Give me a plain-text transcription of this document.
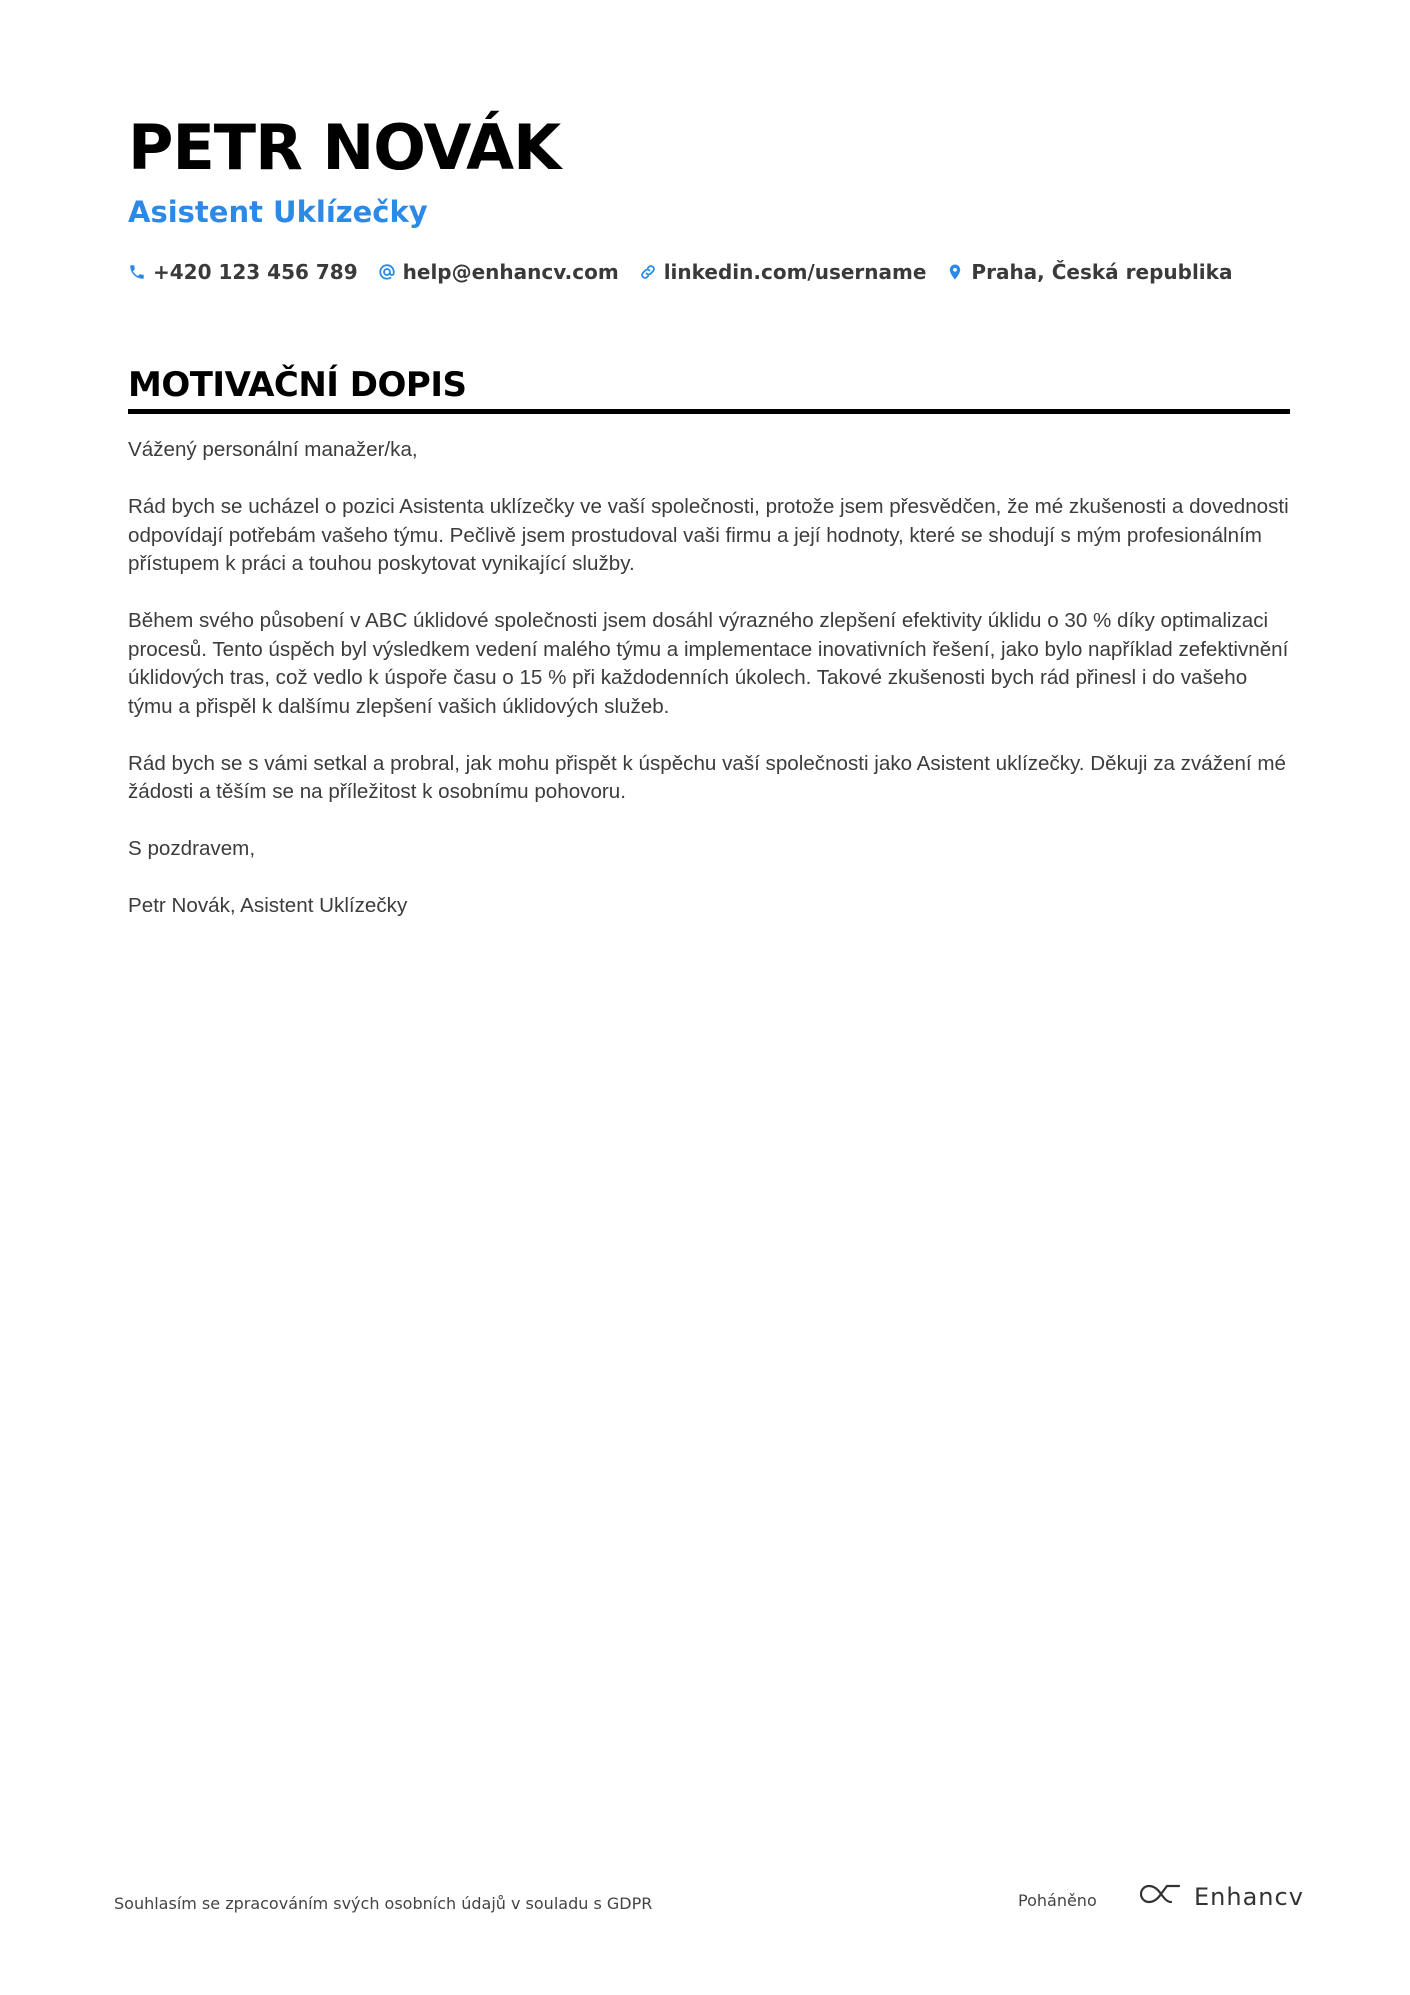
PETR NOVÁK
Asistent Uklízečky
+420 123 456 789 help@enhancv.com linkedin.com/username Praha, Česká republika
MOTIVAČNÍ DOPIS

Vážený personální manažer/ka,

Rád bych se ucházel o pozici Asistenta uklízečky ve vaší společnosti, protože jsem přesvědčen, že mé zkušenosti a dovednosti odpovídají potřebám vašeho týmu. Pečlivě jsem prostudoval vaši firmu a její hodnoty, které se shodují s mým profesionálním přístupem k práci a touhou poskytovat vynikající služby.

Během svého působení v ABC úklidové společnosti jsem dosáhl výrazného zlepšení efektivity úklidu o 30 % díky optimalizaci procesů. Tento úspěch byl výsledkem vedení malého týmu a implementace inovativních řešení, jako bylo například zefektivnění úklidových tras, což vedlo k úspoře času o 15 % při každodenních úkolech. Takové zkušenosti bych rád přinesl i do vašeho týmu a přispěl k dalšímu zlepšení vašich úklidových služeb.

Rád bych se s vámi setkal a probral, jak mohu přispět k úspěchu vaší společnosti jako Asistent uklízečky. Děkuji za zvážení mé žádosti a těším se na příležitost k osobnímu pohovoru.

S pozdravem,

Petr Novák, Asistent Uklízečky

Souhlasím se zpracováním svých osobních údajů v souladu s GDPR	Poháněno	Enhancv
